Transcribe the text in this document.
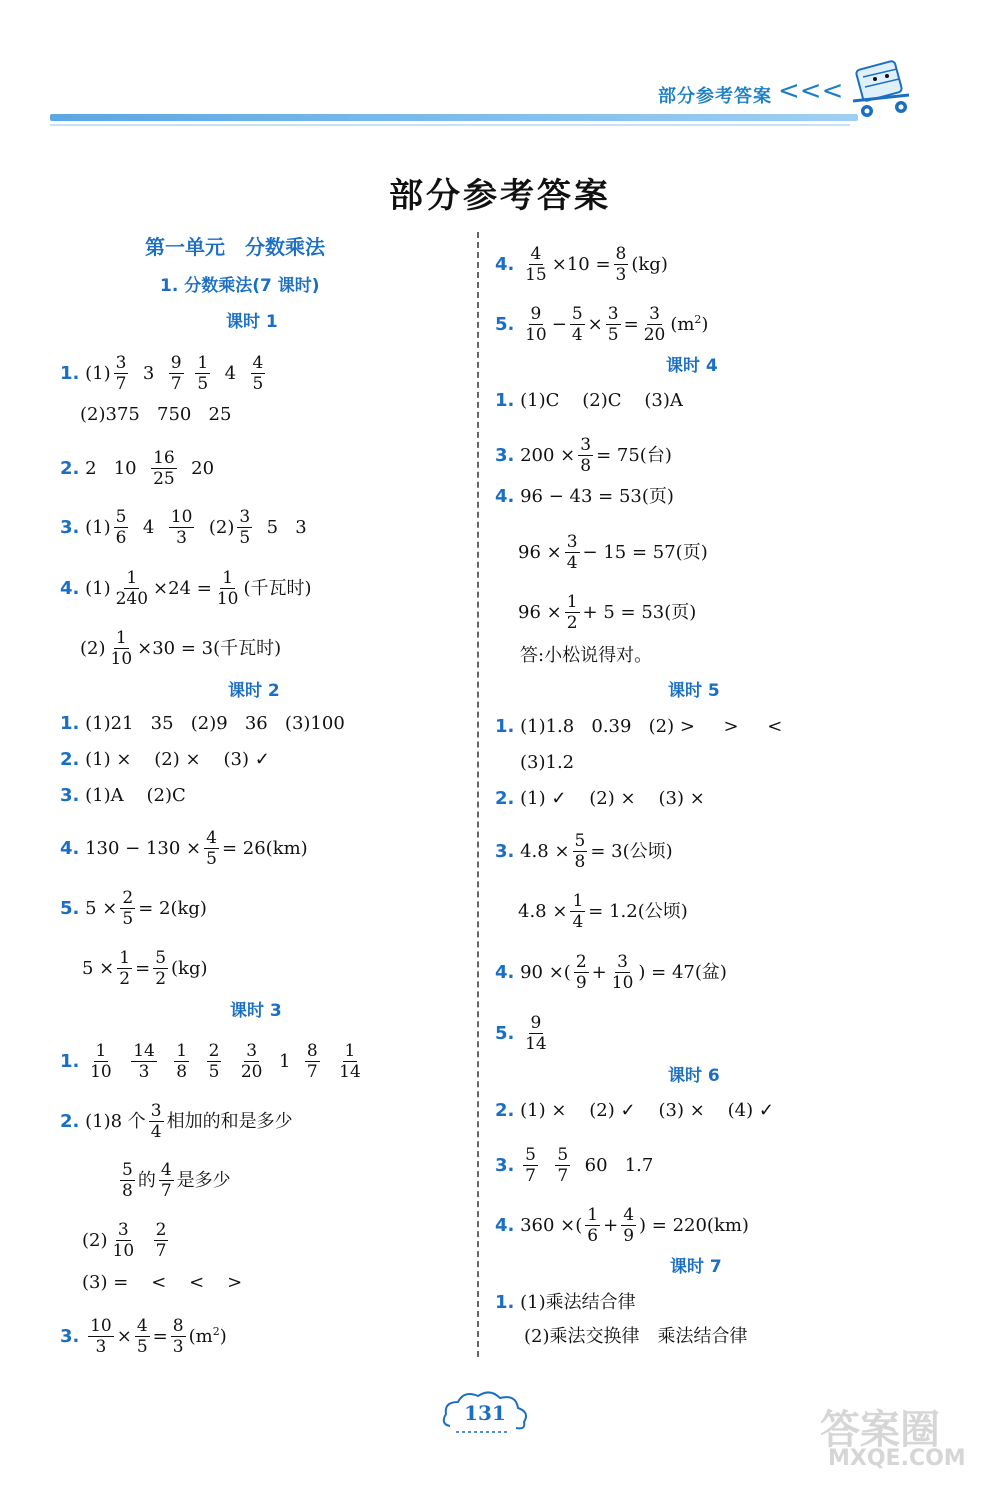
部分参考答案 <<<
部分参考答案
第一单元　分数乘法
1. 分数乘法(7 课时)
课时 1
1. $(1) \frac{3}{7} 3 \frac{9}{7}$
$\frac{1}{5} 4 \frac{4}{5}$
(2)375   750   25
2. 2   $10 \frac{16}{25} 20$
3. $(1) \frac{5}{6} 4 \frac{10}{3} (2) \frac{3}{5} 5$   3
4. $(1) \frac{1}{240} \times 24 = \frac{1}{10}$ (千瓦时)
$(2) \frac{1}{10} \times 30 = 3$(千瓦时)
课时 2
1. (1)21   35   (2)9   36   (3)100
2. (1) ×    (2) ×    (3) ✓
3. (1)A    (2)C
4. $130 - 130 \times \frac{4}{5} = 26(km)$
5. $5 \times \frac{2}{5} = 2(kg)$
$5 \times \frac{1}{2} = \frac{5}{2} (kg)$
课时 3
1. $\frac{1}{10}$
$\frac{14}{3}$
$\frac{1}{8}$
$\frac{2}{5}$
$\frac{3}{20} 1 \frac{8}{7}$
$\frac{1}{14}$
2. (1)8 个 $\frac{3}{4}$ 相加的和是多少
$\frac{5}{8}$ 的 $\frac{4}{7}$ 是多少
$(2) \frac{3}{10}$
$\frac{2}{7}$
(3) =    <    <    >
3. $\frac{10}{3} \times \frac{4}{5} = \frac{8}{3} (m^2)$
4. $\frac{4}{15} \times 10 = \frac{8}{3} (kg)$
5. $\frac{9}{10} - \frac{5}{4} \times \frac{3}{5} = \frac{3}{20} (m^2)$
课时 4
1. (1)C    (2)C    (3)A
3. $200 \times \frac{3}{8} = 75$(台)
4. 96 − 43 = 53(页)
$96 \times \frac{3}{4} - 15 = 57$(页)
$96 \times \frac{1}{2} + 5 = 53$(页)
答:小松说得对。
课时 5
1. (1)1.8   0.39   (2) >     >     <
(3)1.2
2. (1) ✓    (2) ×    (3) ×
3. $4.8 \times \frac{5}{8} = 3$(公顷)
$4.8 \times \frac{1}{4} = 1.2$(公顷)
4. 90 ×( $\frac{2}{9} + \frac{3}{10}$ ) = 47(盆)
5. $\frac{9}{14}$
课时 6
2. (1) ×    (2) ✓    (3) ×    (4) ✓
3. $\frac{5}{7}$
$\frac{5}{7} 60$   1.7
4. 360 ×( $\frac{1}{6} + \frac{4}{9}$ ) = 220(km)
课时 7
1. (1)乘法结合律
(2)乘法交换律　乘法结合律
131	答案圈
MXQE.COM
